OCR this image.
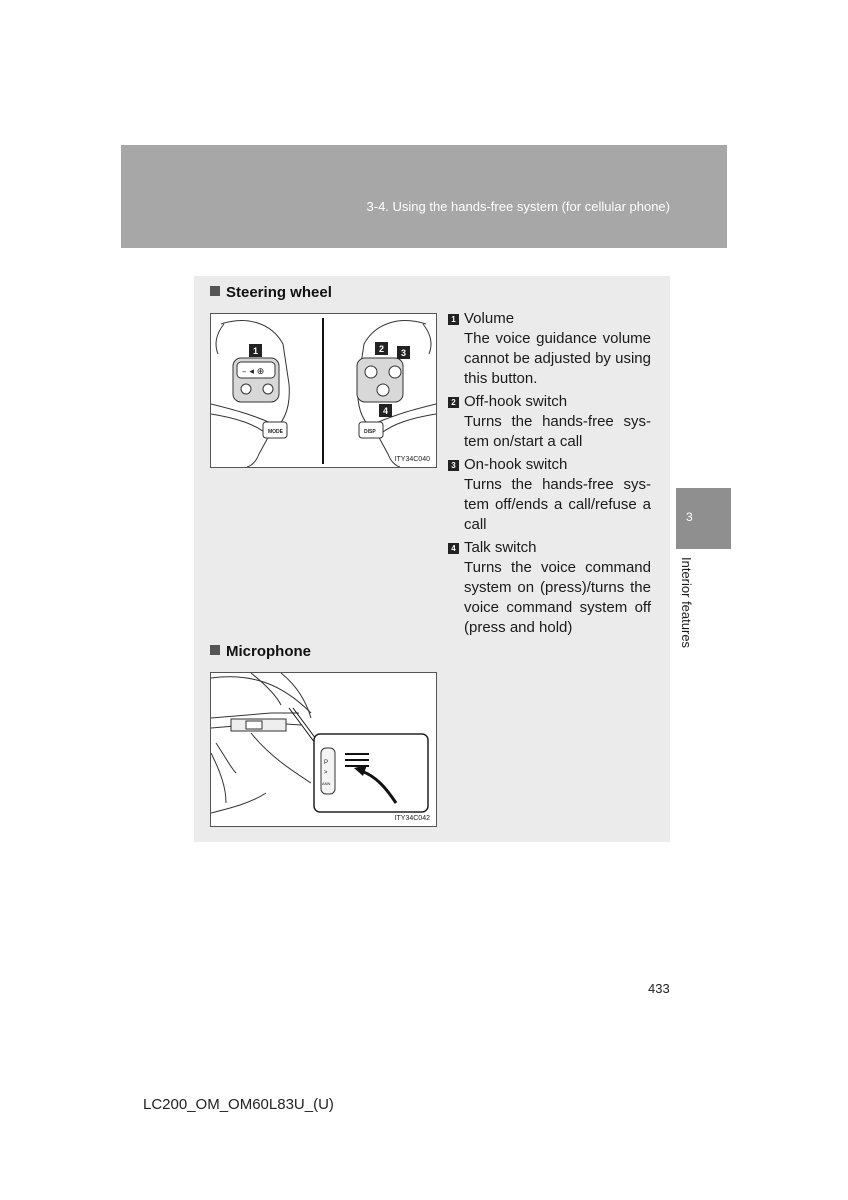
3-4. Using the hands-free system (for cellular phone)
3
Interior features
Steering wheel
– ◂ ⊕
MODE
1
DISP
2 3
4
ITY34C040
1 Volume
The voice guidance volume cannot be adjusted by using this button.
2 Off-hook switch
Turns the hands-free sys-tem on/start a call
3 On-hook switch
Turns the hands-free sys-tem off/ends a call/refuse a call
4 Talk switch
Turns the voice command system on (press)/turns the voice command system off (press and hold)
Microphone
P
>
ANN
ITY34C042
433
LC200_OM_OM60L83U_(U)
